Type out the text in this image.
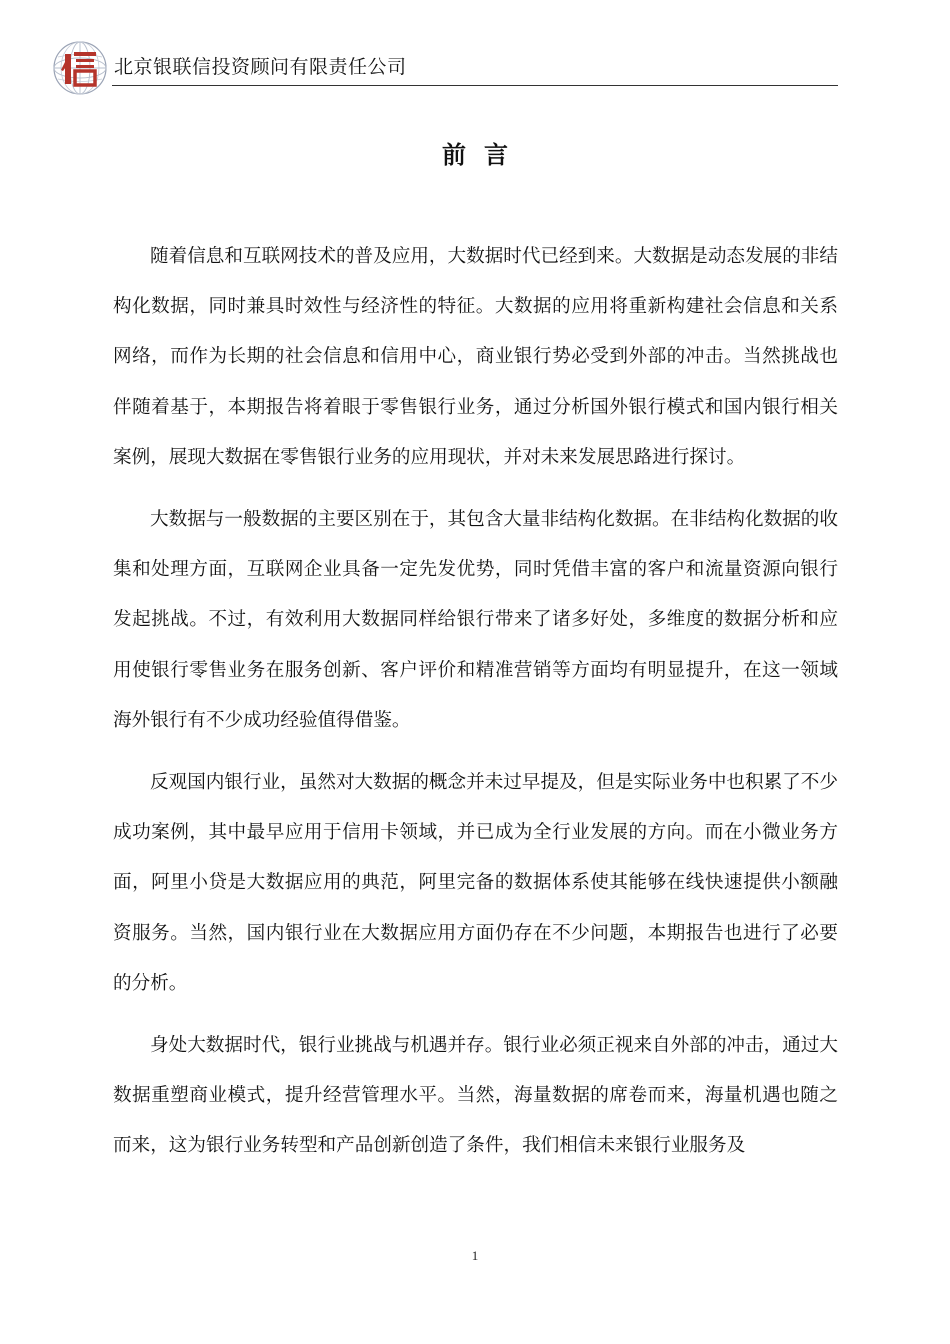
北京银联信投资顾问有限责任公司
前言

随着信息和互联网技术的普及应用，大数据时代已经到来。大数据是动态发展的非结构化数据，同时兼具时效性与经济性的特征。大数据的应用将重新构建社会信息和关系网络，而作为长期的社会信息和信用中心，商业银行势必受到外部的冲击。当然挑战也伴随着基于，本期报告将着眼于零售银行业务，通过分析国外银行模式和国内银行相关案例，展现大数据在零售银行业务的应用现状，并对未来发展思路进行探讨。

大数据与一般数据的主要区别在于，其包含大量非结构化数据。在非结构化数据的收集和处理方面，互联网企业具备一定先发优势，同时凭借丰富的客户和流量资源向银行发起挑战。不过，有效利用大数据同样给银行带来了诸多好处，多维度的数据分析和应用使银行零售业务在服务创新、客户评价和精准营销等方面均有明显提升，在这一领域海外银行有不少成功经验值得借鉴。

反观国内银行业，虽然对大数据的概念并未过早提及，但是实际业务中也积累了不少成功案例，其中最早应用于信用卡领域，并已成为全行业发展的方向。而在小微业务方面，阿里小贷是大数据应用的典范，阿里完备的数据体系使其能够在线快速提供小额融资服务。当然，国内银行业在大数据应用方面仍存在不少问题，本期报告也进行了必要的分析。

身处大数据时代，银行业挑战与机遇并存。银行业必须正视来自外部的冲击，通过大数据重塑商业模式，提升经营管理水平。当然，海量数据的席卷而来，海量机遇也随之而来，这为银行业务转型和产品创新创造了条件，我们相信未来银行业服务及

1
